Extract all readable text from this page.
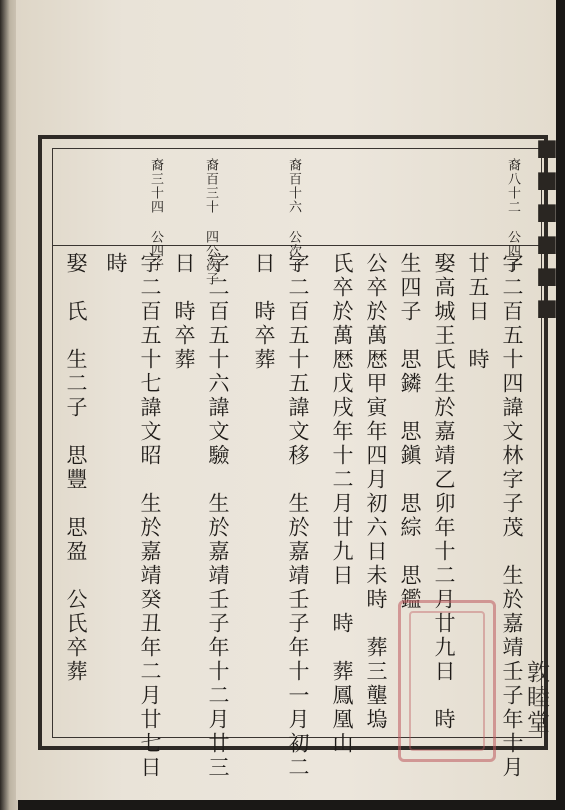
■■■■■■
敦睦堂

裔八十二 公四子

裔百十六 公次子

裔百三十 四公次子

裔三十四 公四子

字二百五十四諱文林字子茂　生於嘉靖壬子年十月

廿五日　時

娶高城王氏生於嘉靖乙卯年十二月廿九日　時

生四子　思鏻　思鎭　思綜　思鑑

公卒於萬厯甲寅年四月初六日未時　葬三壟塢

氏卒於萬厯戊戌年十二月廿九日　時　葬鳳凰山

字二百五十五諱文移　生於嘉靖壬子年十一月初二

日　時卒葬

字二百五十六諱文驗　生於嘉靖壬子年十二月廿三

日　時卒葬

字二百五十七諱文昭　生於嘉靖癸丑年二月廿七日

時

娶　氏　生二子　思豐　思盈　公氏卒葬
